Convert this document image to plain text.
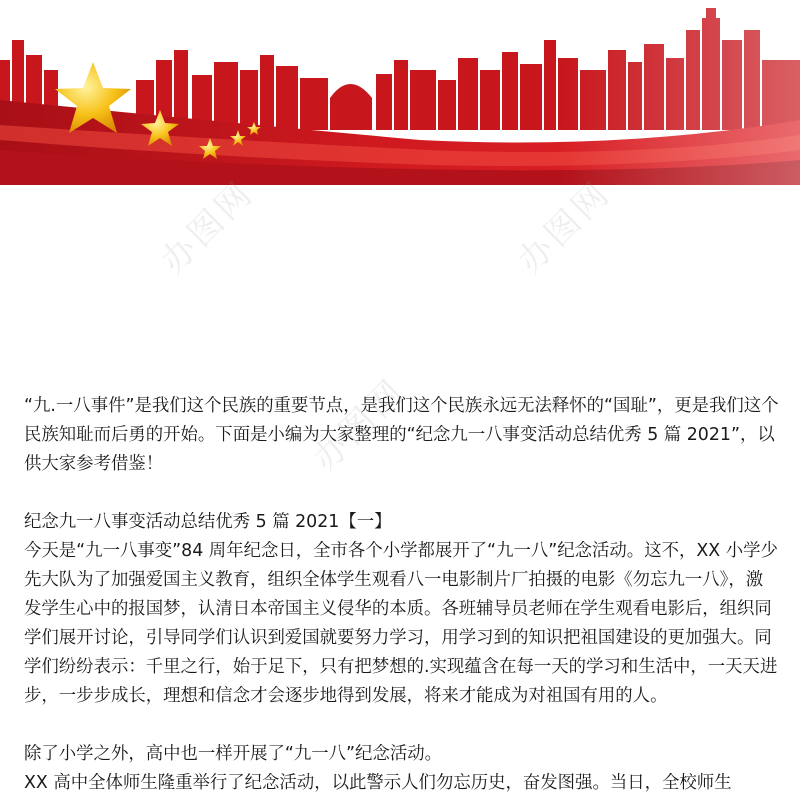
办图网	办图网
办图网

“九.一八事件”是我们这个民族的重要节点，是我们这个民族永远无法释怀的“国耻”，更是我们这个民族知耻而后勇的开始。下面是小编为大家整理的“纪念九一八事变活动总结优秀 5 篇 2021”，以供大家参考借鉴！

纪念九一八事变活动总结优秀 5 篇 2021【一】

今天是“九一八事变”84 周年纪念日，全市各个小学都展开了“九一八”纪念活动。这不，XX 小学少先大队为了加强爱国主义教育，组织全体学生观看八一电影制片厂拍摄的电影《勿忘九一八》，激发学生心中的报国梦，认清日本帝国主义侵华的本质。各班辅导员老师在学生观看电影后，组织同学们展开讨论，引导同学们认识到爱国就要努力学习，用学习到的知识把祖国建设的更加强大。同学们纷纷表示：千里之行，始于足下，只有把梦想的.实现蕴含在每一天的学习和生活中，一天天进步，一步步成长，理想和信念才会逐步地得到发展，将来才能成为对祖国有用的人。

除了小学之外，高中也一样开展了“九一八”纪念活动。

XX 高中全体师生隆重举行了纪念活动，以此警示人们勿忘历史，奋发图强。当日，全校师生
